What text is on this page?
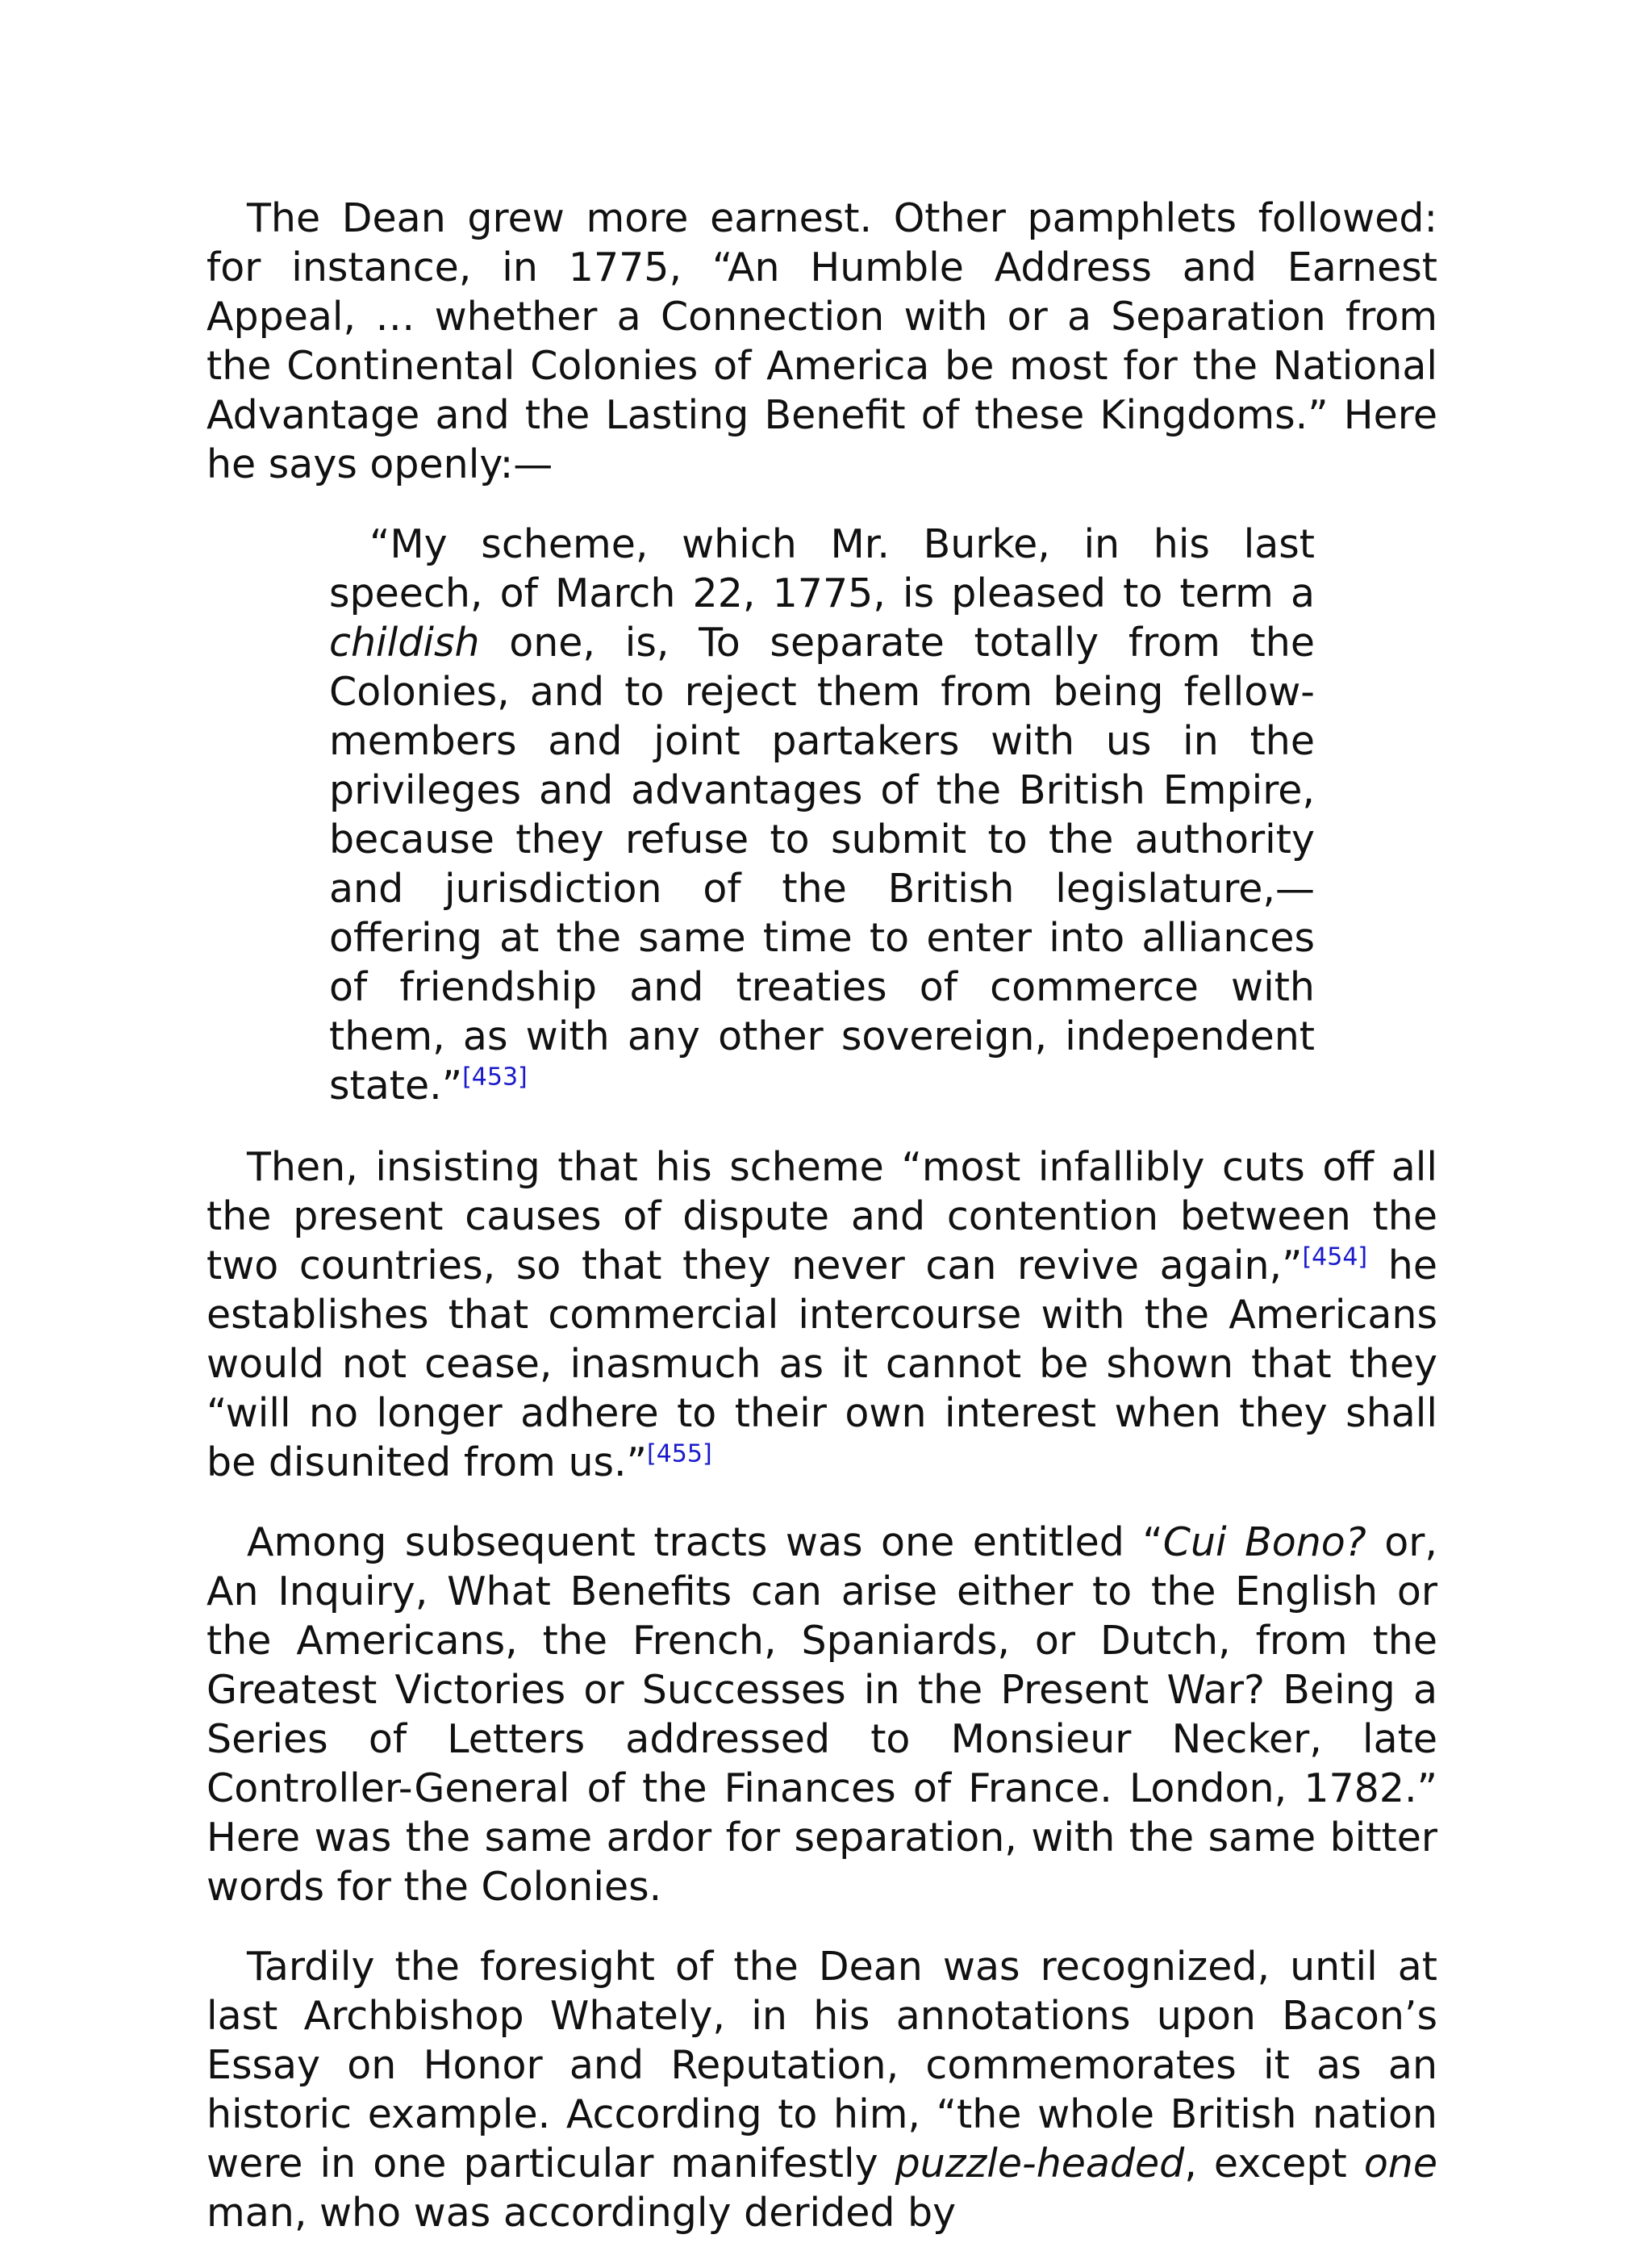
The Dean grew more earnest. Other pamphlets followed: for instance, in 1775, “An Humble Address and Earnest Appeal, … whether a Connection with or a Separation from the Continental Colonies of America be most for the National Advantage and the Lasting Benefit of these Kingdoms.” Here he says openly:—

“My scheme, which Mr. Burke, in his last speech, of March 22, 1775, is pleased to term a childish one, is, To separate totally from the Colonies, and to reject them from being fellow-members and joint partakers with us in the privileges and advantages of the British Empire, because they refuse to submit to the authority and jurisdiction of the British legislature,—offering at the same time to enter into alliances of friendship and treaties of commerce with them, as with any other sovereign, independent state.”[453]

Then, insisting that his scheme “most infallibly cuts off all the present causes of dispute and contention between the two countries, so that they never can revive again,”[454] he establishes that commercial intercourse with the Americans would not cease, inasmuch as it cannot be shown that they “will no longer adhere to their own interest when they shall be disunited from us.”[455]

Among subsequent tracts was one entitled “Cui Bono? or, An Inquiry, What Benefits can arise either to the English or the Americans, the French, Spaniards, or Dutch, from the Greatest Victories or Successes in the Present War? Being a Series of Letters addressed to Monsieur Necker, late Controller-General of the Finances of France. London, 1782.” Here was the same ardor for separation, with the same bitter words for the Colonies.

Tardily the foresight of the Dean was recognized, until at last Archbishop Whately, in his annotations upon Bacon’s Essay on Honor and Reputation, commemorates it as an historic example. According to him, “the whole British nation were in one particular manifestly puzzle-headed, except one man, who was accordingly derided by
